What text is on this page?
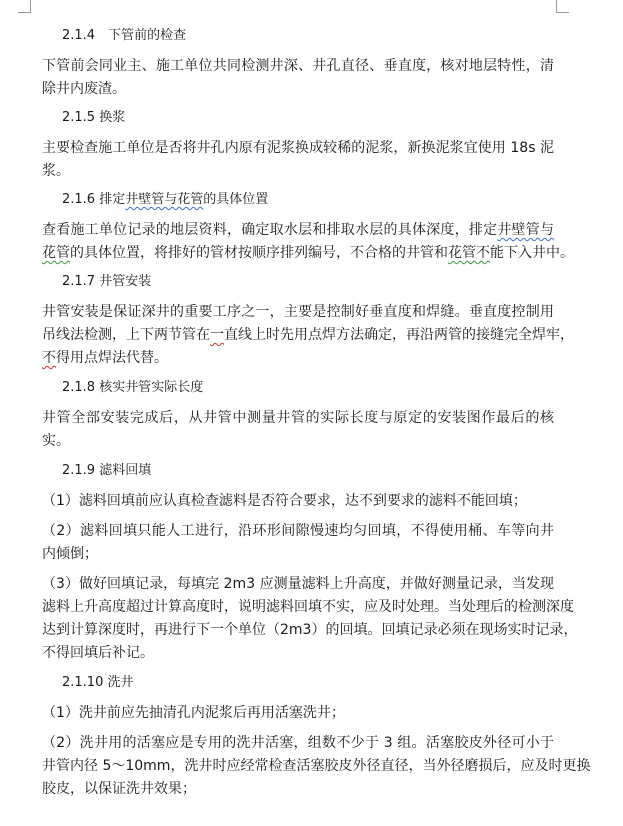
2.1.4　下管前的检查
下管前会同业主、施工单位共同检测井深、井孔直径、垂直度，核对地层特性，清
除井内废渣。
2.1.5 换浆
主要检查施工单位是否将井孔内原有泥浆换成较稀的泥浆，新换泥浆宜使用 18s 泥
浆。
2.1.6 排定井壁管与花管的具体位置
查看施工单位记录的地层资料，确定取水层和排取水层的具体深度，排定井壁管与
花管的具体位置，将排好的管材按顺序排列编号，不合格的井管和花管不能下入井中。
2.1.7 井管安装
井管安装是保证深井的重要工序之一，主要是控制好垂直度和焊缝。垂直度控制用
吊线法检测，上下两节管在一直线上时先用点焊方法确定，再沿两管的接缝完全焊牢，
不得用点焊法代替。
2.1.8 核实井管实际长度
井管全部安装完成后，从井管中测量井管的实际长度与原定的安装图作最后的核
实。
2.1.9 滤料回填
（1）滤料回填前应认真检查滤料是否符合要求，达不到要求的滤料不能回填；
（2）滤料回填只能人工进行，沿环形间隙慢速均匀回填，不得使用桶、车等向井
内倾倒；
（3）做好回填记录，每填完 2m3 应测量滤料上升高度，并做好测量记录，当发现
滤料上升高度超过计算高度时，说明滤料回填不实，应及时处理。当处理后的检测深度
达到计算深度时，再进行下一个单位（2m3）的回填。回填记录必须在现场实时记录，
不得回填后补记。
2.1.10 洗井
（1）洗井前应先抽清孔内泥浆后再用活塞洗井；
（2）洗井用的活塞应是专用的洗井活塞，组数不少于 3 组。活塞胶皮外径可小于
井管内径 5～10mm，洗井时应经常检查活塞胶皮外径直径，当外径磨损后，应及时更换
胶皮，以保证洗井效果；
